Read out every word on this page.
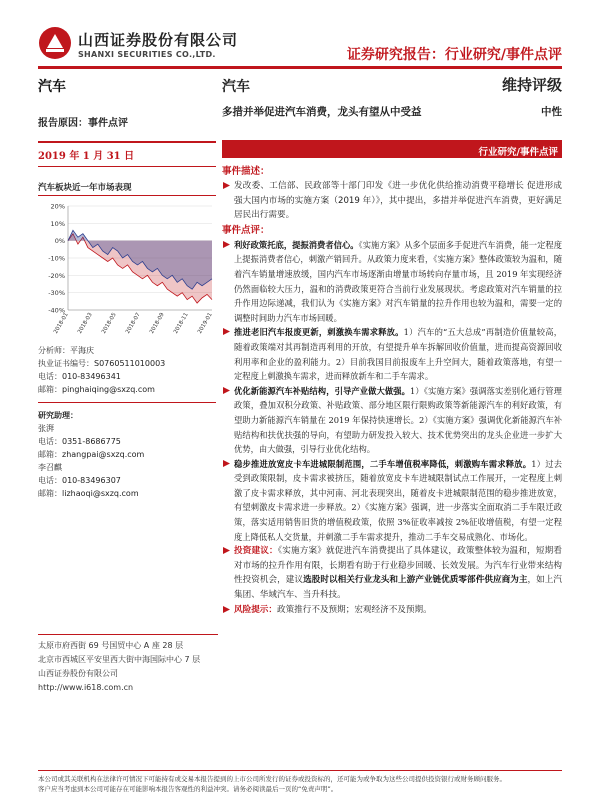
山西证券股份有限公司
SHANXI SECURITIES CO.,LTD.	证券研究报告：行业研究/事件点评
汽车
报告原因：事件点评
2019 年 1 月 31 日
汽车板块近一年市场表现
20%
10%
0%
-10%
-20%
-30%
-40%
2018-01 2018-03 2018-05 2018-07 2018-09 2018-11 2019-01
分析师：平海庆
执业证书编号：S0760511010003
电话：010-83496341
邮箱：pinghaiqing@sxzq.com
研究助理：
张湃
电话：0351-8686775
邮箱：zhangpai@sxzq.com
李召麒
电话：010-83496307
邮箱：lizhaoqi@sxzq.com
太原市府西街 69 号国贸中心 A 座 28 层
北京市西城区平安里西大街中海国际中心 7 层
山西证券股份有限公司
http://www.i618.com.cn
汽车	维持评级
多措并举促进汽车消费，龙头有望从中受益	中性
行业研究/事件点评
事件描述：
发改委、工信部、民政部等十部门印发《进一步优化供给推动消费平稳增长 促进形成强大国内市场的实施方案（2019 年）》，其中提出，多措并举促进汽车消费，更好满足居民出行需要。
事件点评：
利好政策托底，提振消费者信心。《实施方案》从多个层面多手促进汽车消费，能一定程度上提振消费者信心，刺激产销回升。从政策力度来看，《实施方案》整体政策较为温和，随着汽车销量增速放缓，国内汽车市场逐渐由增量市场转向存量市场，且 2019 年实现经济仍然面临较大压力，温和的消费政策更符合当前行业发展现状。考虑政策对汽车销量的拉升作用边际递减，我们认为《实施方案》对汽车销量的拉升作用也较为温和，需要一定的调整时间助力汽车市场回暖。
推进老旧汽车报废更新，刺激换车需求释放。1）汽车的“五大总成”再制造价值量较高，随着政策端对其再制造再利用的开放，有望提升单车拆解回收价值量，进而提高资源回收利用率和企业的盈利能力。2）目前我国目前报废车上升空间大，随着政策落地，有望一定程度上刺激换车需求，进而释放新车和二手车需求。
优化新能源汽车补贴结构，引导产业做大做强。1）《实施方案》强调落实差别化通行管理政策，叠加双积分政策、补贴政策、部分地区限行限购政策等新能源汽车的利好政策，有望助力新能源汽车销量在 2019 年保持快速增长。2）《实施方案》强调优化新能源汽车补贴结构和扶优扶强的导向，有望助力研发投入较大、技术优势突出的龙头企业进一步扩大优势，由大做强，引导行业优化结构。
稳步推进放宽皮卡车进城限制范围，二手车增值税率降低，刺激购车需求释放。1）过去受到政策限制，皮卡需求被挤压，随着放宽皮卡车进城限制试点工作展开，一定程度上刺激了皮卡需求释放，其中河南、河北表现突出，随着皮卡进城限制范围的稳步推进放宽，有望刺激皮卡需求进一步释放。2）《实施方案》强调，进一步落实全面取消二手车限迁政策，落实适用销售旧货的增值税政策，依照 3%征收率减按 2%征收增值税，有望一定程度上降低私人交货量，并刺激二手车需求提升，推动二手车交易成熟化、市场化。
投资建议：《实施方案》就促进汽车消费提出了具体建议，政策整体较为温和，短期看对市场的拉升作用有限，长期看有助于行业稳步回暖、长效发展。为汽车行业带来结构性投资机会，建议选股时以相关行业龙头和上游产业链优质零部件供应商为主，如上汽集团、华域汽车、当升科技。
风险提示：政策推行不及预期；宏观经济不及预期。
本公司或其关联机构在法律许可情况下可能持有或交易本报告提到的上市公司所发行的证券或投资标的，还可能为或争取为这些公司提供投资银行或财务顾问服务。
客户应当考虑到本公司可能存在可能影响本报告客观性的利益冲突。请务必阅读最后一页的“免责声明”。
